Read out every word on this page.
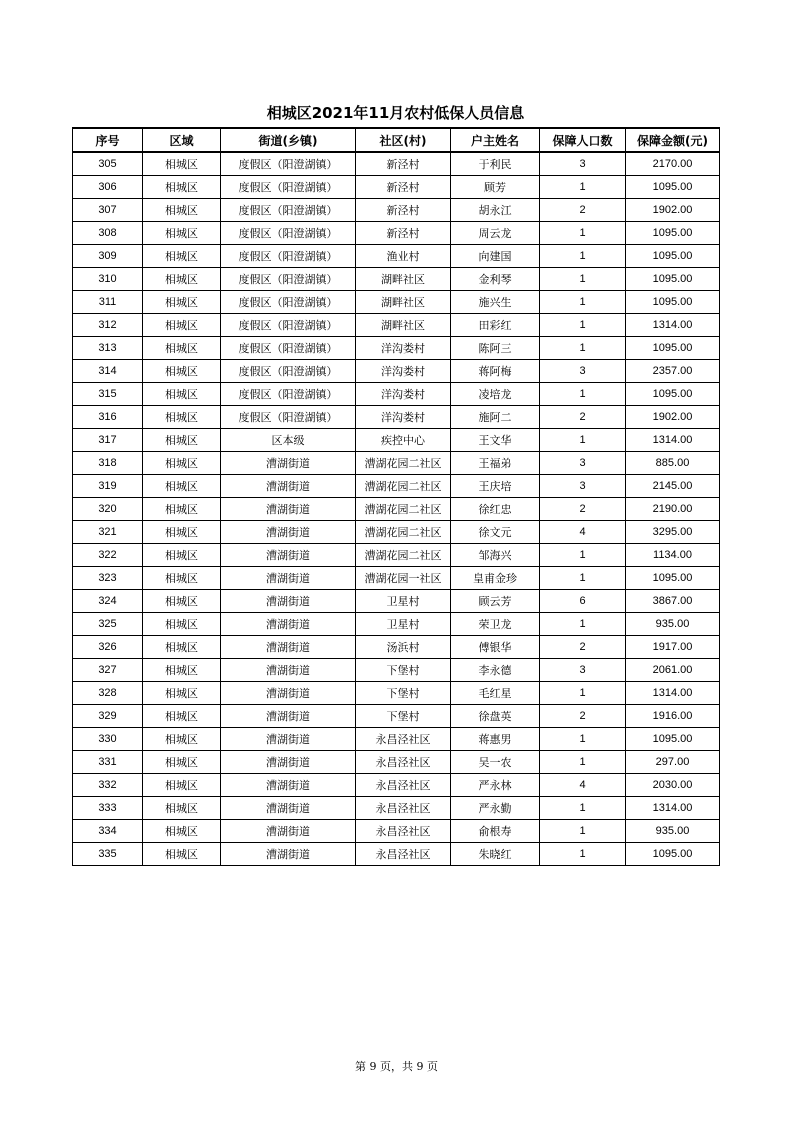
相城区2021年11月农村低保人员信息
序号	区域	街道(乡镇)	社区(村)	户主姓名	保障人口数	保障金额(元)
305	相城区	度假区（阳澄湖镇）	新泾村	于利民	3	2170.00
306	相城区	度假区（阳澄湖镇）	新泾村	顾芳	1	1095.00
307	相城区	度假区（阳澄湖镇）	新泾村	胡永江	2	1902.00
308	相城区	度假区（阳澄湖镇）	新泾村	周云龙	1	1095.00
309	相城区	度假区（阳澄湖镇）	渔业村	向建国	1	1095.00
310	相城区	度假区（阳澄湖镇）	湖畔社区	金利琴	1	1095.00
311	相城区	度假区（阳澄湖镇）	湖畔社区	施兴生	1	1095.00
312	相城区	度假区（阳澄湖镇）	湖畔社区	田彩红	1	1314.00
313	相城区	度假区（阳澄湖镇）	洋沟娄村	陈阿三	1	1095.00
314	相城区	度假区（阳澄湖镇）	洋沟娄村	蒋阿梅	3	2357.00
315	相城区	度假区（阳澄湖镇）	洋沟娄村	凌培龙	1	1095.00
316	相城区	度假区（阳澄湖镇）	洋沟娄村	施阿二	2	1902.00
317	相城区	区本级	疾控中心	王文华	1	1314.00
318	相城区	漕湖街道	漕湖花园二社区	王福弟	3	885.00
319	相城区	漕湖街道	漕湖花园二社区	王庆培	3	2145.00
320	相城区	漕湖街道	漕湖花园二社区	徐红忠	2	2190.00
321	相城区	漕湖街道	漕湖花园二社区	徐文元	4	3295.00
322	相城区	漕湖街道	漕湖花园二社区	邹海兴	1	1134.00
323	相城区	漕湖街道	漕湖花园一社区	皇甫金珍	1	1095.00
324	相城区	漕湖街道	卫星村	顾云芳	6	3867.00
325	相城区	漕湖街道	卫星村	荣卫龙	1	935.00
326	相城区	漕湖街道	汤浜村	傅银华	2	1917.00
327	相城区	漕湖街道	下堡村	李永德	3	2061.00
328	相城区	漕湖街道	下堡村	毛红星	1	1314.00
329	相城区	漕湖街道	下堡村	徐盘英	2	1916.00
330	相城区	漕湖街道	永昌泾社区	蒋惠男	1	1095.00
331	相城区	漕湖街道	永昌泾社区	吴一农	1	297.00
332	相城区	漕湖街道	永昌泾社区	严永林	4	2030.00
333	相城区	漕湖街道	永昌泾社区	严永勤	1	1314.00
334	相城区	漕湖街道	永昌泾社区	俞根寿	1	935.00
335	相城区	漕湖街道	永昌泾社区	朱晓红	1	1095.00
第 9 页，共 9 页
